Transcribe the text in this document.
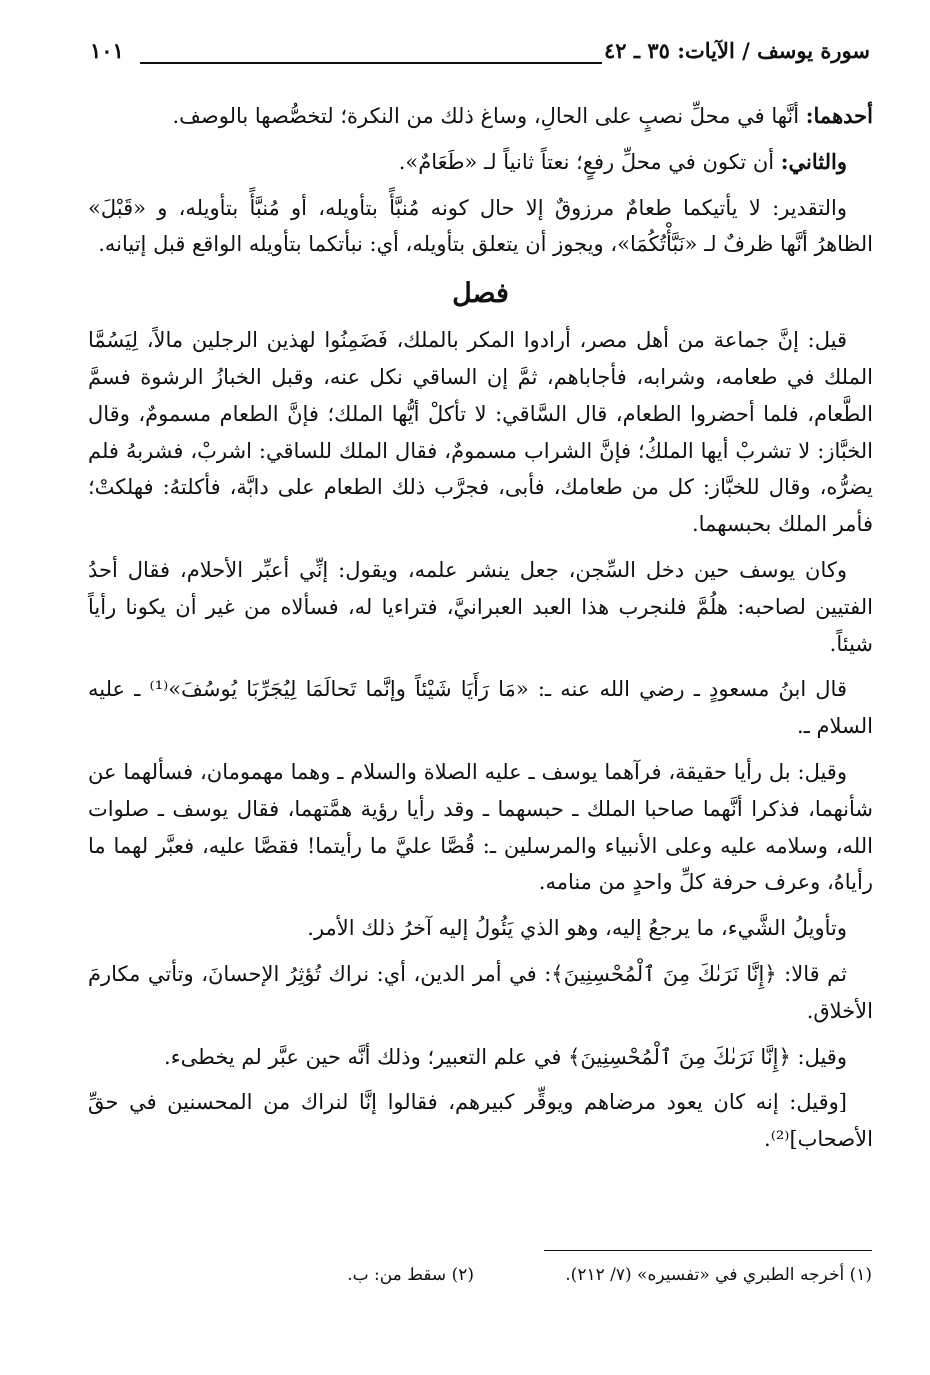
سورة يوسف / الآيات: ٣٥ ـ ٤٢
١٠١

أحدهما: أنَّها في محلِّ نصبٍ على الحالِ، وساغ ذلك من النكرة؛ لتخصُّصها بالوصف.

والثاني: أن تكون في محلِّ رفعٍ؛ نعتاً ثانياً لـ «طَعَامٌ».

والتقدير: لا يأتيكما طعامٌ مرزوقٌ إلا حال كونه مُنبَّأً بتأويله، أو مُنبَّأً بتأويله، و «قَبْلَ» الظاهرُ أنَّها ظرفٌ لـ «نَبَّأْتُكُمَا»، ويجوز أن يتعلق بتأويله، أي: نبأتكما بتأويله الواقع قبل إتيانه.

فصل

قيل: إنَّ جماعة من أهل مصر، أرادوا المكر بالملك، فَضَمِنُوا لهذين الرجلين مالاً، لِيَسُمَّا الملك في طعامه، وشرابه، فأجاباهم، ثمَّ إن الساقي نكل عنه، وقبل الخبازُ الرشوة فسمَّ الطَّعام، فلما أحضروا الطعام، قال السَّاقي: لا تأكلْ أيُّها الملك؛ فإنَّ الطعام مسمومٌ، وقال الخبَّاز: لا تشربْ أيها الملكُ؛ فإنَّ الشراب مسمومٌ، فقال الملك للساقي: اشربْ، فشربهُ فلم يضرُّه، وقال للخبَّاز: كل من طعامك، فأبى، فجرَّب ذلك الطعام على دابَّة، فأكلتهُ: فهلكتْ؛ فأمر الملك بحبسهما.

وكان يوسف حين دخل السِّجن، جعل ينشر علمه، ويقول: إنِّي أعبِّر الأحلام، فقال أحدُ الفتيين لصاحبه: هلُمَّ فلنجرب هذا العبد العبرانيَّ، فتراءيا له، فسألاه من غير أن يكونا رأياً شيئاً.

قال ابنُ مسعودٍ ـ رضي الله عنه ـ: «مَا رَأَيَا شَيْئاً وإنَّما تَحالَمَا لِيُجَرِّبَا يُوسُفَ»⁽¹⁾ ـ عليه السلام ـ.

وقيل: بل رأيا حقيقة، فرآهما يوسف ـ عليه الصلاة والسلام ـ وهما مهمومان، فسألهما عن شأنهما، فذكرا أنَّهما صاحبا الملك ـ حبسهما ـ وقد رأيا رؤية همَّتهما، فقال يوسف ـ صلوات الله، وسلامه عليه وعلى الأنبياء والمرسلين ـ: قُصَّا عليَّ ما رأيتما! فقصَّا عليه، فعبَّر لهما ما رأياهُ، وعرف حرفة كلِّ واحدٍ من منامه.

وتأويلُ الشَّيء، ما يرجعُ إليه، وهو الذي يَئُولُ إليه آخرُ ذلك الأمر.

ثم قالا: ﴿إِنَّا نَرَىٰكَ مِنَ ٱلْمُحْسِنِينَ﴾: في أمر الدين، أي: نراك تُؤثِرُ الإحسانَ، وتأتي مكارمَ الأخلاق.

وقيل: ﴿إِنَّا نَرَىٰكَ مِنَ ٱلْمُحْسِنِينَ﴾ في علم التعبير؛ وذلك أنَّه حين عبَّر لم يخطىء.

[وقيل: إنه كان يعود مرضاهم ويوقِّر كبيرهم، فقالوا إنَّا لنراك من المحسنين في حقِّ الأصحاب]⁽²⁾.

(١) أخرجه الطبري في «تفسيره» (٧/ ٢١٢).
(٢) سقط من: ب.
